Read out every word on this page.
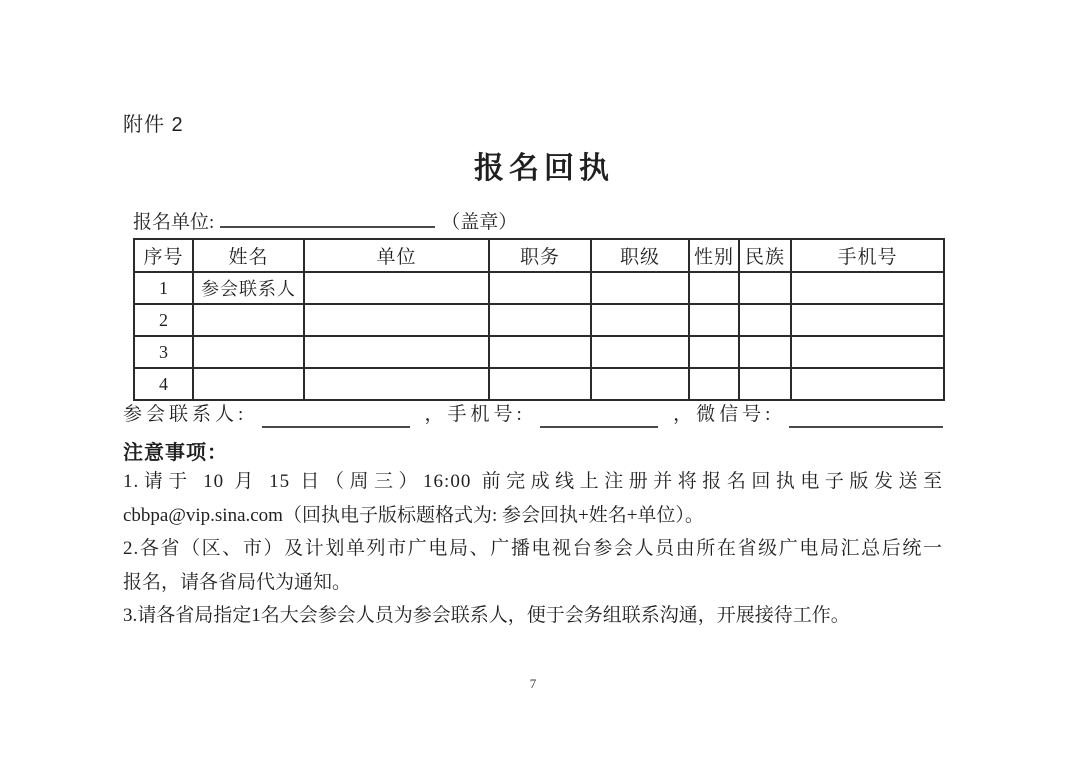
附件 2
报名回执
报名单位:	（盖章）
序号	姓名	单位	职务	职级	性别	民族	手机号
1	参会联系人						
2							
3							
4							
参会联系人:	，手机号:	，微信号:
注意事项：
1.请于 10 月 15 日（周三）16:00 前完成线上注册并将报名回执电子版发送至
cbbpa@vip.sina.com（回执电子版标题格式为: 参会回执+姓名+单位）。
2.各省（区、市）及计划单列市广电局、广播电视台参会人员由所在省级广电局汇总后统一
报名，请各省局代为通知。
3.请各省局指定1名大会参会人员为参会联系人，便于会务组联系沟通，开展接待工作。
7
